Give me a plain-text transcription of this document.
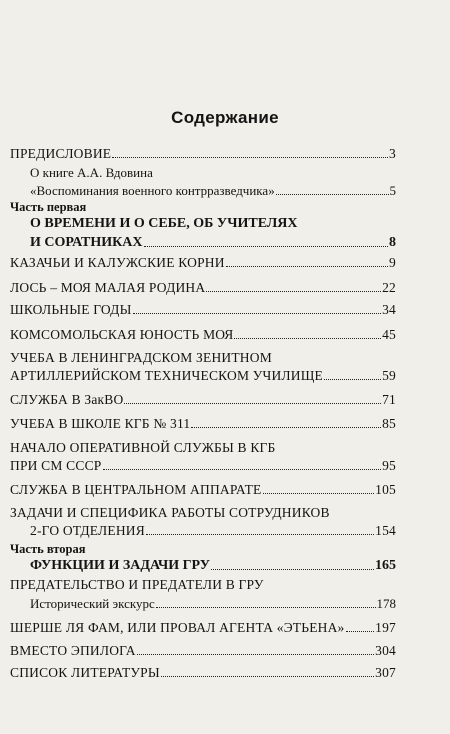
Содержание
ПРЕДИСЛОВИЕ	3
О книге А.А. Вдовина
«Воспоминания военного контрразведчика»	5
Часть первая
О ВРЕМЕНИ И О СЕБЕ, ОБ УЧИТЕЛЯХ
И СОРАТНИКАХ	8
КАЗАЧЬИ И КАЛУЖСКИЕ КОРНИ	9
ЛОСЬ – МОЯ МАЛАЯ РОДИНА	22
ШКОЛЬНЫЕ ГОДЫ	34
КОМСОМОЛЬСКАЯ ЮНОСТЬ МОЯ	45
УЧЕБА В ЛЕНИНГРАДСКОМ ЗЕНИТНОМ
АРТИЛЛЕРИЙСКОМ ТЕХНИЧЕСКОМ УЧИЛИЩЕ	59
СЛУЖБА В ЗакВО	71
УЧЕБА В ШКОЛЕ КГБ № 311	85
НАЧАЛО ОПЕРАТИВНОЙ СЛУЖБЫ В КГБ
ПРИ СМ СССР	95
СЛУЖБА В ЦЕНТРАЛЬНОМ АППАРАТЕ	105
ЗАДАЧИ И СПЕЦИФИКА РАБОТЫ СОТРУДНИКОВ
2-ГО ОТДЕЛЕНИЯ	154
Часть вторая
ФУНКЦИИ И ЗАДАЧИ ГРУ	165
ПРЕДАТЕЛЬСТВО И ПРЕДАТЕЛИ В ГРУ
Исторический экскурс	178
ШЕРШЕ ЛЯ ФАМ, ИЛИ ПРОВАЛ АГЕНТА «ЭТЬЕНА» 197
ВМЕСТО ЭПИЛОГА	304
СПИСОК ЛИТЕРАТУРЫ	307
